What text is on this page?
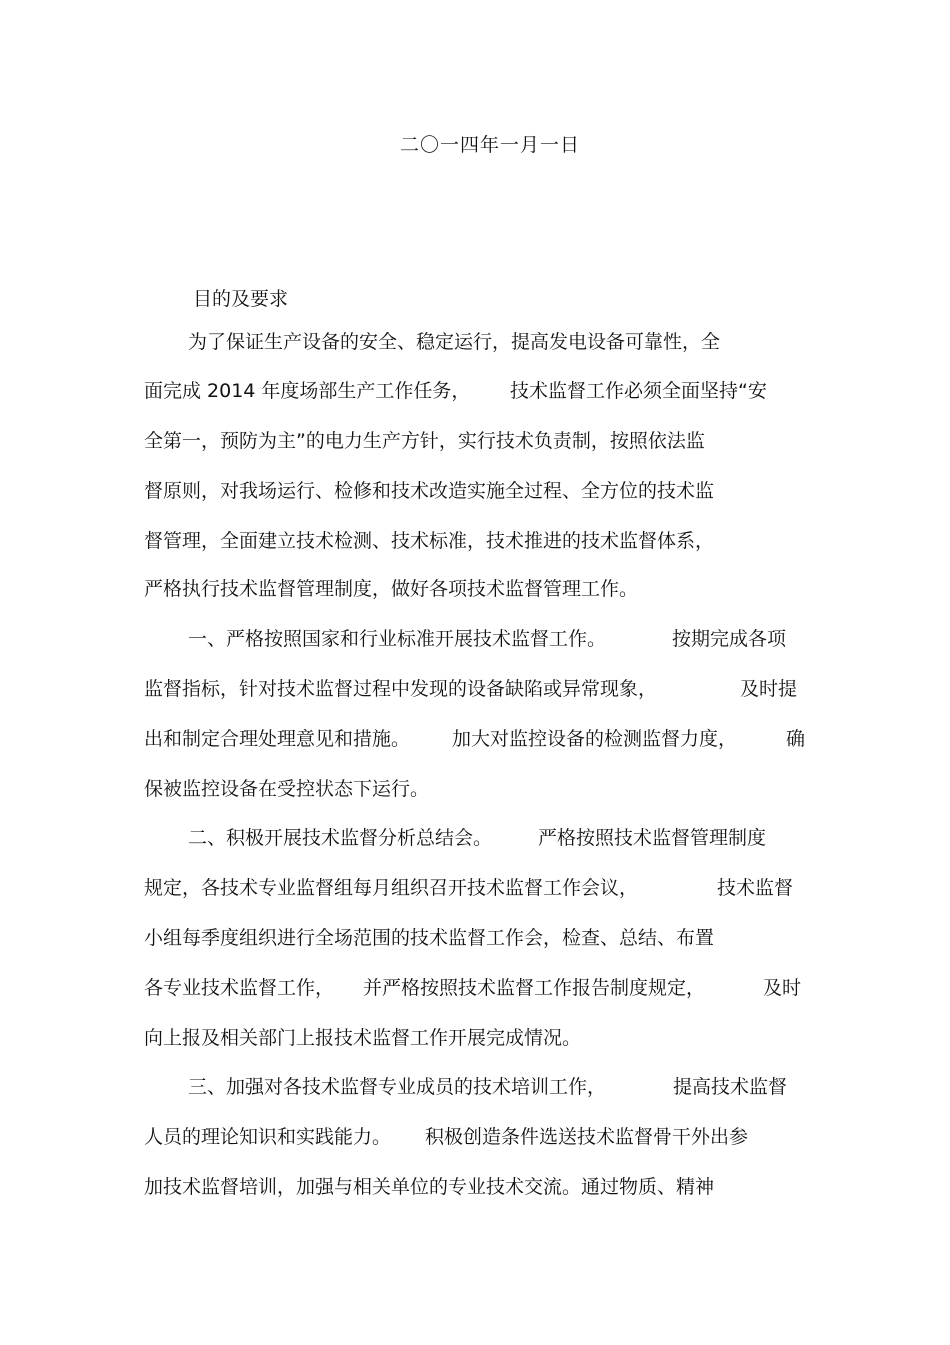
二〇一四年一月一日
目的及要求
为了保证生产设备的安全、稳定运行，提高发电设备可靠性，全
面完成 2014 年度场部生产工作任务， 技术监督工作必须全面坚持“安
全第一，预防为主”的电力生产方针，实行技术负责制，按照依法监
督原则，对我场运行、检修和技术改造实施全过程、全方位的技术监
督管理，全面建立技术检测、技术标准，技术推进的技术监督体系，
严格执行技术监督管理制度，做好各项技术监督管理工作。
一、严格按照国家和行业标准开展技术监督工作。	按期完成各项
监督指标，针对技术监督过程中发现的设备缺陷或异常现象，	及时提
出和制定合理处理意见和措施。 加大对监控设备的检测监督力度，	确
保被监控设备在受控状态下运行。
二、积极开展技术监督分析总结会。 严格按照技术监督管理制度
规定，各技术专业监督组每月组织召开技术监督工作会议，	技术监督
小组每季度组织进行全场范围的技术监督工作会，检查、总结、布置
各专业技术监督工作， 并严格按照技术监督工作报告制度规定，	及时
向上报及相关部门上报技术监督工作开展完成情况。
三、加强对各技术监督专业成员的技术培训工作，	提高技术监督
人员的理论知识和实践能力。 积极创造条件选送技术监督骨干外出参
加技术监督培训，加强与相关单位的专业技术交流。通过物质、精神
